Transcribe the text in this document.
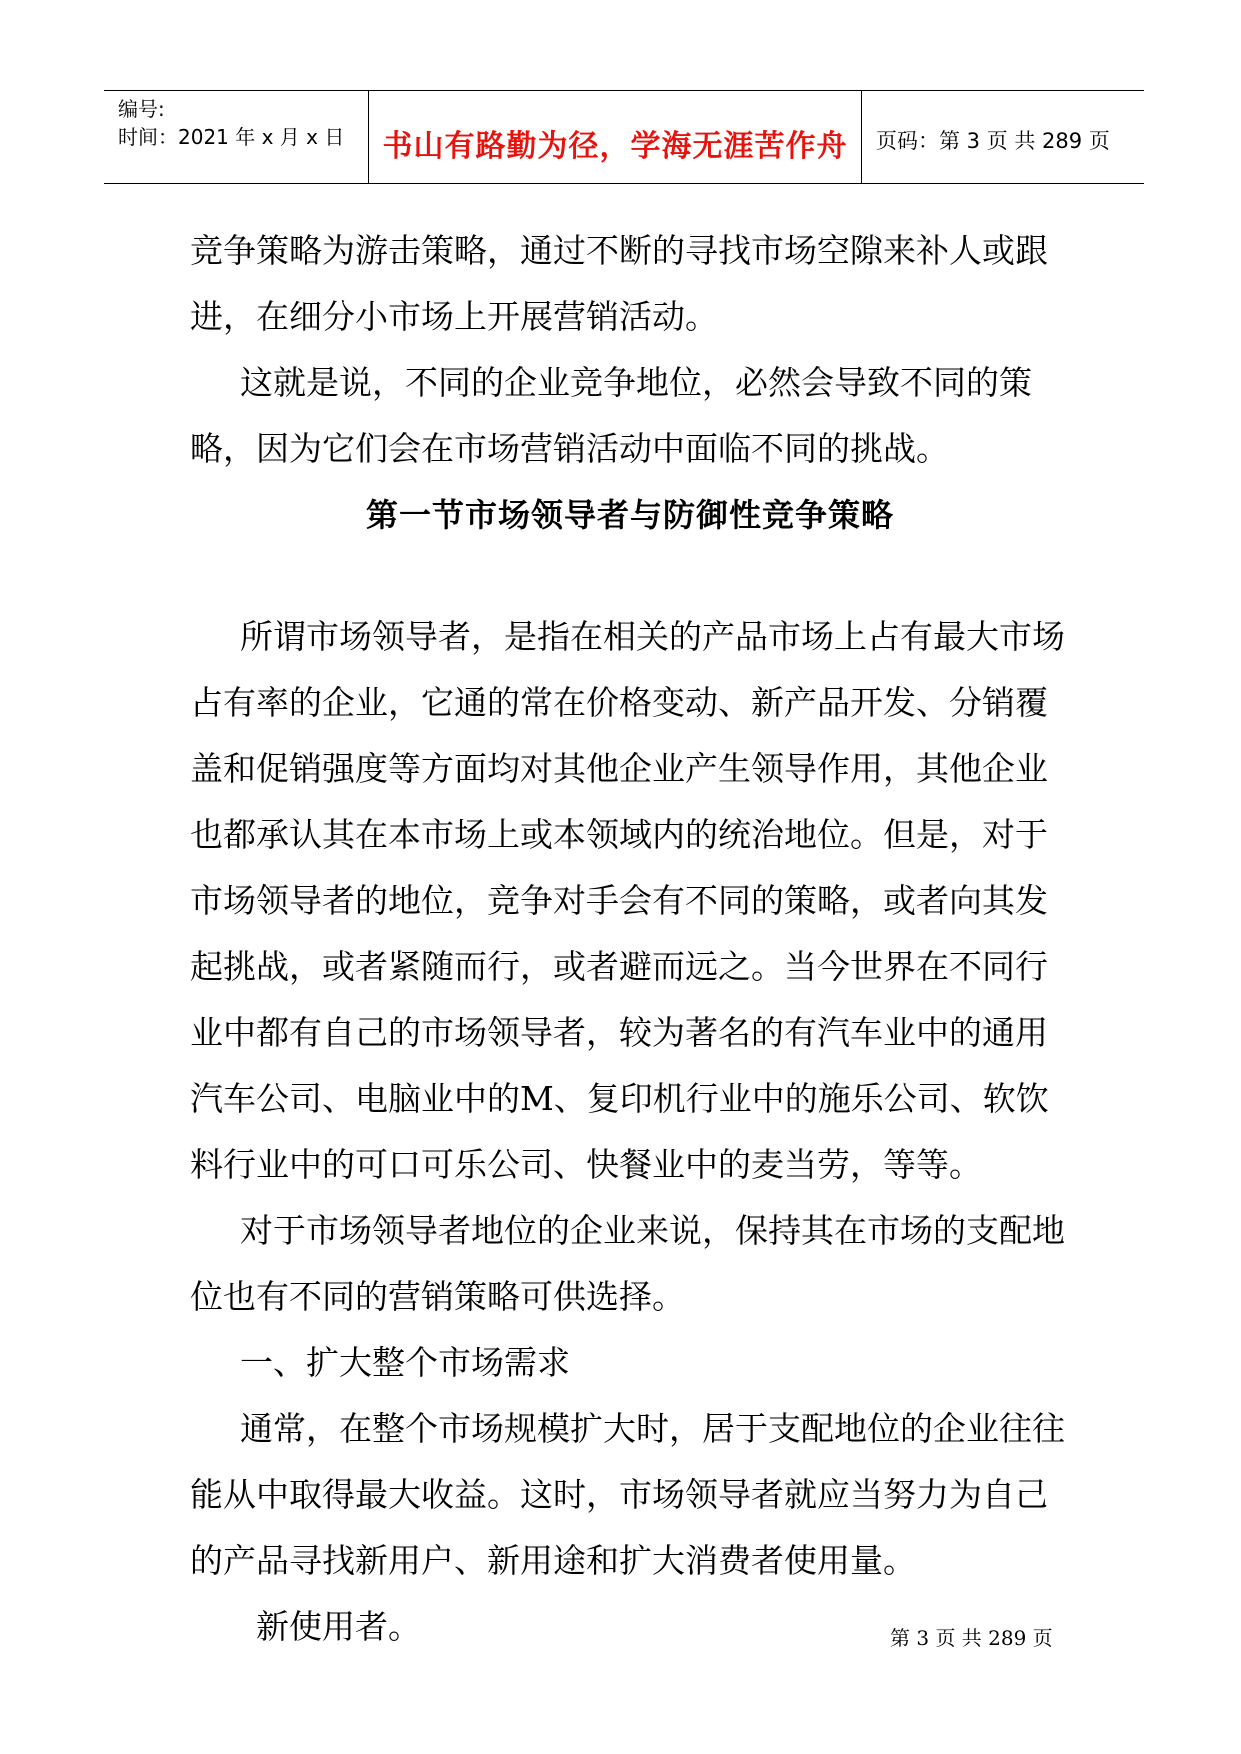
编号:
时间：2021 年 x 月 x 日	书山有路勤为径，学海无涯苦作舟	页码：第 3 页 共 289 页

竞争策略为游击策略，通过不断的寻找市场空隙来补人或跟进，在细分小市场上开展营销活动。

这就是说，不同的企业竞争地位，必然会导致不同的策略，因为它们会在市场营销活动中面临不同的挑战。

第一节市场领导者与防御性竞争策略

所谓市场领导者，是指在相关的产品市场上占有最大市场占有率的企业，它通的常在价格变动、新产品开发、分销覆盖和促销强度等方面均对其他企业产生领导作用，其他企业也都承认其在本市场上或本领域内的统治地位。但是，对于市场领导者的地位，竞争对手会有不同的策略，或者向其发起挑战，或者紧随而行，或者避而远之。当今世界在不同行业中都有自己的市场领导者，较为著名的有汽车业中的通用汽车公司、电脑业中的M、复印机行业中的施乐公司、软饮料行业中的可口可乐公司、快餐业中的麦当劳，等等。

对于市场领导者地位的企业来说，保持其在市场的支配地位也有不同的营销策略可供选择。

一、扩大整个市场需求

通常，在整个市场规模扩大时，居于支配地位的企业往往能从中取得最大收益。这时，市场领导者就应当努力为自己的产品寻找新用户、新用途和扩大消费者使用量。

新使用者。	第 3 页 共 289 页
